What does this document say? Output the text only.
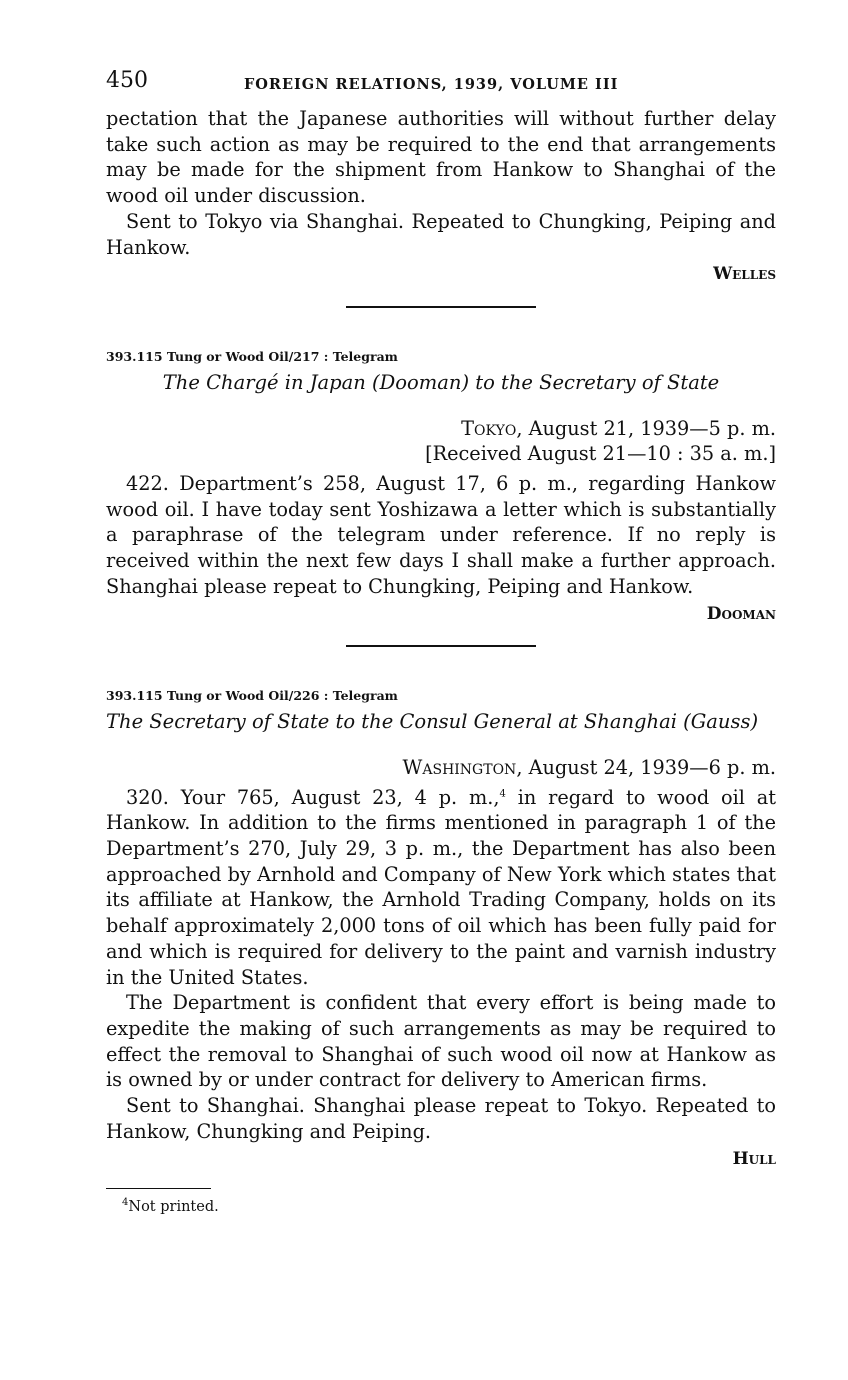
450	FOREIGN RELATIONS, 1939, VOLUME III

pectation that the Japanese authorities will without further delay take such action as may be required to the end that arrangements may be made for the shipment from Hankow to Shanghai of the wood oil under discussion.

Sent to Tokyo via Shanghai. Repeated to Chungking, Peiping and Hankow.

Welles
393.115 Tung or Wood Oil/217 : Telegram
The Chargé in Japan (Dooman) to the Secretary of State
Tokyo, August 21, 1939—5 p. m.
[Received August 21—10 : 35 a. m.]

422. Department’s 258, August 17, 6 p. m., regarding Hankow wood oil. I have today sent Yoshizawa a letter which is substantially a paraphrase of the telegram under reference. If no reply is received within the next few days I shall make a further approach. Shanghai please repeat to Chungking, Peiping and Hankow.

Dooman
393.115 Tung or Wood Oil/226 : Telegram
The Secretary of State to the Consul General at Shanghai (Gauss)
Washington, August 24, 1939—6 p. m.

320. Your 765, August 23, 4 p. m.,$^4$ in regard to wood oil at Hankow. In addition to the firms mentioned in paragraph 1 of the Department’s 270, July 29, 3 p. m., the Department has also been approached by Arnhold and Company of New York which states that its affiliate at Hankow, the Arnhold Trading Company, holds on its behalf approximately 2,000 tons of oil which has been fully paid for and which is required for delivery to the paint and varnish industry in the United States.

The Department is confident that every effort is being made to expedite the making of such arrangements as may be required to effect the removal to Shanghai of such wood oil now at Hankow as is owned by or under contract for delivery to American firms.

Sent to Shanghai. Shanghai please repeat to Tokyo. Repeated to Hankow, Chungking and Peiping.

Hull
$^4$Not printed.
